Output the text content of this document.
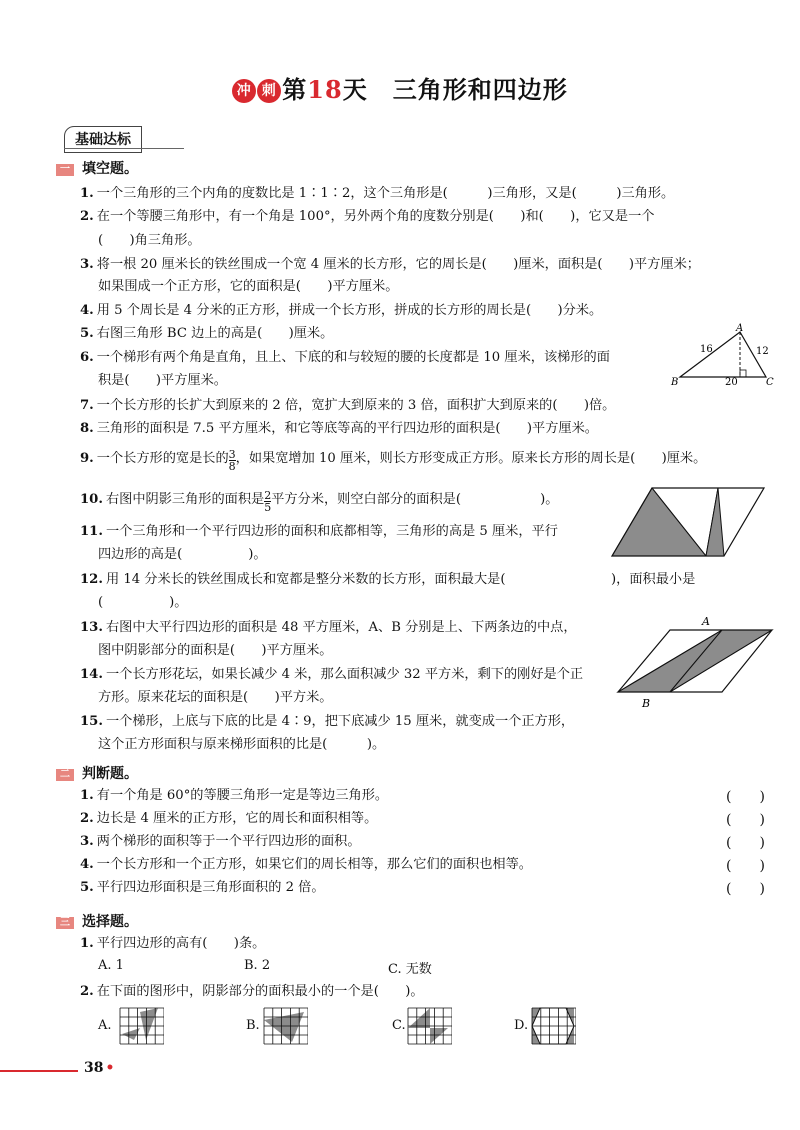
冲 刺 第18天　三角形和四边形
基础达标
一 填空题。
1. 一个三角形的三个内角的度数比是 1∶1∶2，这个三角形是(　　　)三角形，又是(　　　)三角形。
2. 在一个等腰三角形中，有一个角是 100°，另外两个角的度数分别是(　　)和(　　)，它又是一个
(　　)角三角形。
3. 将一根 20 厘米长的铁丝围成一个宽 4 厘米的长方形，它的周长是(　　)厘米，面积是(　　)平方厘米；
如果围成一个正方形，它的面积是(　　)平方厘米。
4. 用 5 个周长是 4 分米的正方形，拼成一个长方形，拼成的长方形的周长是(　　)分米。
5. 右图三角形 BC 边上的高是(　　)厘米。
6. 一个梯形有两个角是直角，且上、下底的和与较短的腰的长度都是 10 厘米，该梯形的面
积是(　　)平方厘米。
A
B	C
16	12
20
7. 一个长方形的长扩大到原来的 2 倍，宽扩大到原来的 3 倍，面积扩大到原来的(　　)倍。
8. 三角形的面积是 7.5 平方厘米，和它等底等高的平行四边形的面积是(　　)平方厘米。
9. 一个长方形的宽是长的 $\frac{3}{8}$ ，如果宽增加 10 厘米，则长方形变成正方形。原来长方形的周长是(　　)厘米。
10. 右图中阴影三角形的面积是 $\frac{2}{5}$ 平方分米，则空白部分的面积是(　　　　　　)。
11. 一个三角形和一个平行四边形的面积和底都相等，三角形的高是 5 厘米，平行
四边形的高是(　　　　　)。
12. 用 14 分米长的铁丝围成长和宽都是整分米数的长方形，面积最大是(　　　　　　　　)，面积最小是
(　　　　　)。
13. 右图中大平行四边形的面积是 48 平方厘米，A、B 分别是上、下两条边的中点，
图中阴影部分的面积是(　　)平方厘米。
A
B
14. 一个长方形花坛，如果长减少 4 米，那么面积减少 32 平方米，剩下的刚好是个正
方形。原来花坛的面积是(　　)平方米。
15. 一个梯形，上底与下底的比是 4∶9，把下底减少 15 厘米，就变成一个正方形，
这个正方形面积与原来梯形面积的比是(　　　)。
二 判断题。
1. 有一个角是 60°的等腰三角形一定是等边三角形。	(　　)
2. 边长是 4 厘米的正方形，它的周长和面积相等。	(　　)
3. 两个梯形的面积等于一个平行四边形的面积。	(　　)
4. 一个长方形和一个正方形，如果它们的周长相等，那么它们的面积也相等。	(　　)
5. 平行四边形面积是三角形面积的 2 倍。	(　　)
三 选择题。
1. 平行四边形的高有(　　)条。
A. 1	B. 2	C. 无数
2. 在下面的图形中，阴影部分的面积最小的一个是(　　)。
A.	B.	C.	D.
38 •
